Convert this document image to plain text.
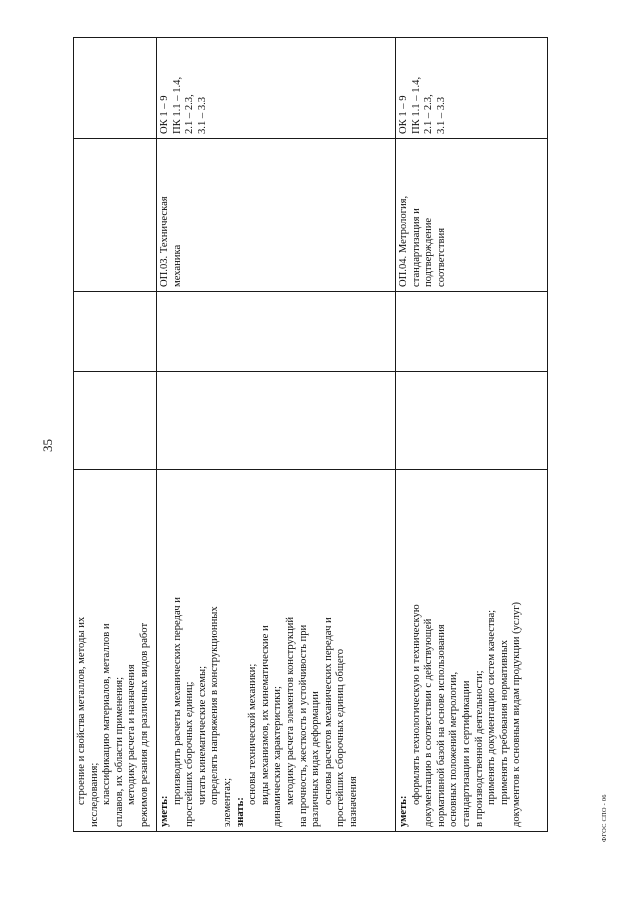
строение и свойства металлов, методы их исследования; классификацию материалов, металлов и сплавов, их области применения; методику расчета и назначения режимов резания для различных видов работ уметь:
производить расчеты механических передач и простейших сборочных единиц; читать кинематические схемы; определять напряжения в конструкционных элементах; знать:
основы технической механики; виды механизмов, их кинематические и динамические характеристики; методику расчета элементов конструкций на прочность, жесткость и устойчивость при различных видах деформации основы расчетов механических передач и простейших сборочных единиц общего назначения
ОП.03. Техническая механика
ОК 1 – 9 ПК 1.1 – 1.4, 2.1 – 2.3, 3.1 – 3.3
уметь:
оформлять технологическую и техническую документацию в соответствии с действующей нормативной базой на основе использования основных положений метрологии, стандартизации и сертификации в производственной деятельности; применять документацию систем качества; применять требования нормативных документов к основным видам продукции (услуг)
ОП.04. Метрология, стандартизация и подтверждение соответствия
ОК 1 – 9 ПК 1.1 – 1.4, 2.1 – 2.3, 3.1 – 3.3
35
ФГОС СПО - 06
